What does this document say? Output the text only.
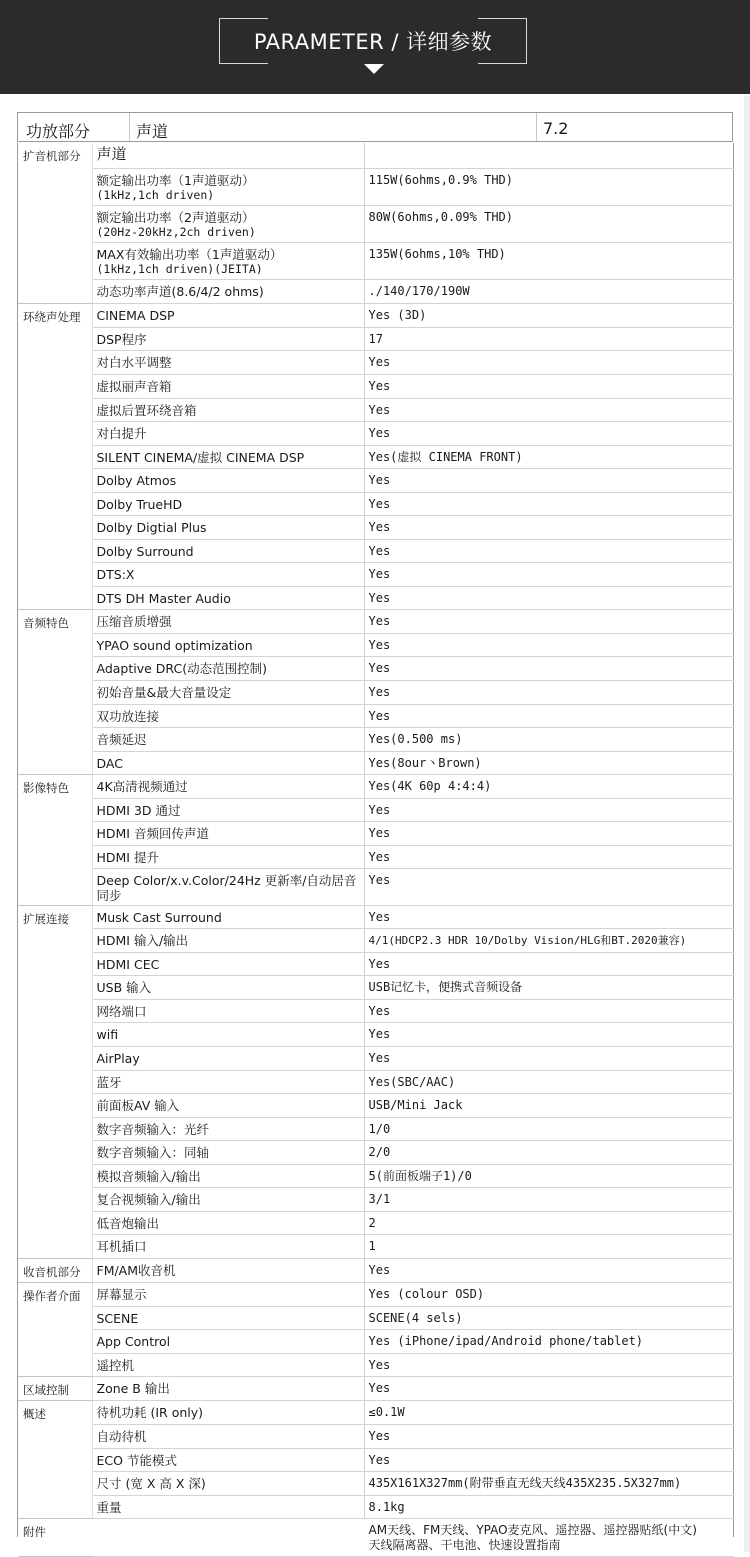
PARAMETER / 详细参数
功放部分	声道	7.2
扩音机部分	声道	

	额定输出功率（1声道驱动）
(1kHz,1ch driven)	115W(6ohms,0.9% THD)

	额定输出功率（2声道驱动）
(20Hz-20kHz,2ch driven)	80W(6ohms,0.09% THD)

	MAX有效输出功率（1声道驱动）
(1kHz,1ch driven)(JEITA)	135W(6ohms,10% THD)

	动态功率声道(8.6/4/2 ohms)	./140/170/190W
环绕声处理	CINEMA DSP	Yes (3D)

	DSP程序	17

	对白水平调整	Yes

	虚拟丽声音箱	Yes

	虚拟后置环绕音箱	Yes

	对白提升	Yes

	SILENT CINEMA/虚拟 CINEMA DSP	Yes(虚拟 CINEMA FRONT)

	Dolby Atmos	Yes

	Dolby TrueHD	Yes

	Dolby Digtial Plus	Yes

	Dolby Surround	Yes

	DTS:X	Yes

	DTS DH Master Audio	Yes
音频特色	压缩音质增强	Yes

	YPAO sound optimization	Yes

	Adaptive DRC(动态范围控制)	Yes

	初始音量&最大音量设定	Yes

	双功放连接	Yes

	音频延迟	Yes(0.500 ms)

	DAC	Yes(8our丶Brown)
影像特色	4K高清视频通过	Yes(4K 60p 4:4:4)

	HDMI 3D 通过	Yes

	HDMI 音频回传声道	Yes

	HDMI 提升	Yes

	Deep Color/x.v.Color/24Hz 更新率/自动居音同步	Yes
扩展连接	Musk Cast Surround	Yes

	HDMI 输入/输出	4/1(HDCP2.3 HDR 10/Dolby Vision/HLG和BT.2020兼容)

	HDMI CEC	Yes

	USB 输入	USB记忆卡，便携式音频设备

	网络端口	Yes

	wifi	Yes

	AirPlay	Yes

	蓝牙	Yes(SBC/AAC)

	前面板AV 输入	USB/Mini Jack

	数字音频输入：光纤	1/0

	数字音频输入：同轴	2/0

	模拟音频输入/输出	5(前面板端子1)/0

	复合视频输入/输出	3/1

	低音炮输出	2

	耳机插口	1
收音机部分	FM/AM收音机	Yes
操作者介面	屏幕显示	Yes (colour OSD)

	SCENE	SCENE(4 sels)

	App Control	Yes (iPhone/ipad/Android phone/tablet)

	遥控机	Yes
区域控制	Zone B 输出	Yes
概述	待机功耗 (IR only)	≤0.1W

	自动待机	Yes

	ECO 节能模式	Yes

	尺寸 (宽 X 高 X 深)	435X161X327mm(附带垂直无线天线435X235.5X327mm)

	重量	8.1kg
附件		AM天线、FM天线、YPAO麦克风、遥控器、遥控器贴纸(中文)
天线隔离器、干电池、快速设置指南
